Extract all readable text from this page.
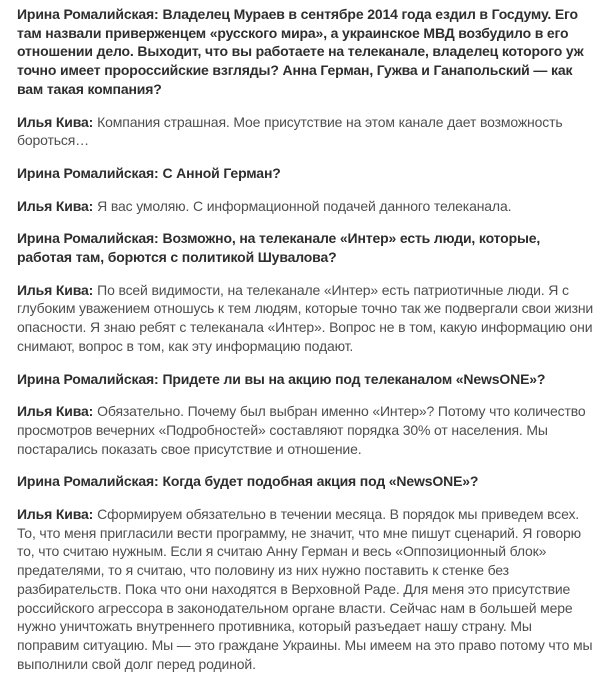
Ирина Ромалийская: Владелец Мураев в сентябре 2014 года ездил в Госдуму. Его там назвали приверженцем «русского мира», а украинское МВД возбудило в его отношении дело. Выходит, что вы работаете на телеканале, владелец которого уж точно имеет пророссийские взгляды? Анна Герман, Гужва и Ганапольский — как вам такая компания?

Илья Кива: Компания страшная. Мое присутствие на этом канале дает возможность бороться…

Ирина Ромалийская: С Анной Герман?

Илья Кива: Я вас умоляю. С информационной подачей данного телеканала.

Ирина Ромалийская: Возможно, на телеканале «Интер» есть люди, которые, работая там, борются с политикой Шувалова?

Илья Кива: По всей видимости, на телеканале «Интер» есть патриотичные люди. Я с глубоким уважением отношусь к тем людям, которые точно так же подвергали свои жизни опасности. Я знаю ребят с телеканала «Интер». Вопрос не в том, какую информацию они снимают, вопрос в том, как эту информацию подают.

Ирина Ромалийская: Придете ли вы на акцию под телеканалом «NewsONE»?

Илья Кива: Обязательно. Почему был выбран именно «Интер»? Потому что количество просмотров вечерних «Подробностей» составляют порядка 30% от населения. Мы постарались показать свое присутствие и отношение.

Ирина Ромалийская: Когда будет подобная акция под «NewsONE»?

Илья Кива: Сформируем обязательно в течении месяца. В порядок мы приведем всех. То, что меня пригласили вести программу, не значит, что мне пишут сценарий. Я говорю то, что считаю нужным. Если я считаю Анну Герман и весь «Оппозиционный блок» предателями, то я считаю, что половину из них нужно поставить к стенке без разбирательств. Пока что они находятся в Верховной Раде. Для меня это присутствие российского агрессора в законодательном органе власти. Сейчас нам в большей мере нужно уничтожать внутреннего противника, который разъедает нашу страну. Мы поправим ситуацию. Мы — это граждане Украины. Мы имеем на это право потому что мы выполнили свой долг перед родиной.
